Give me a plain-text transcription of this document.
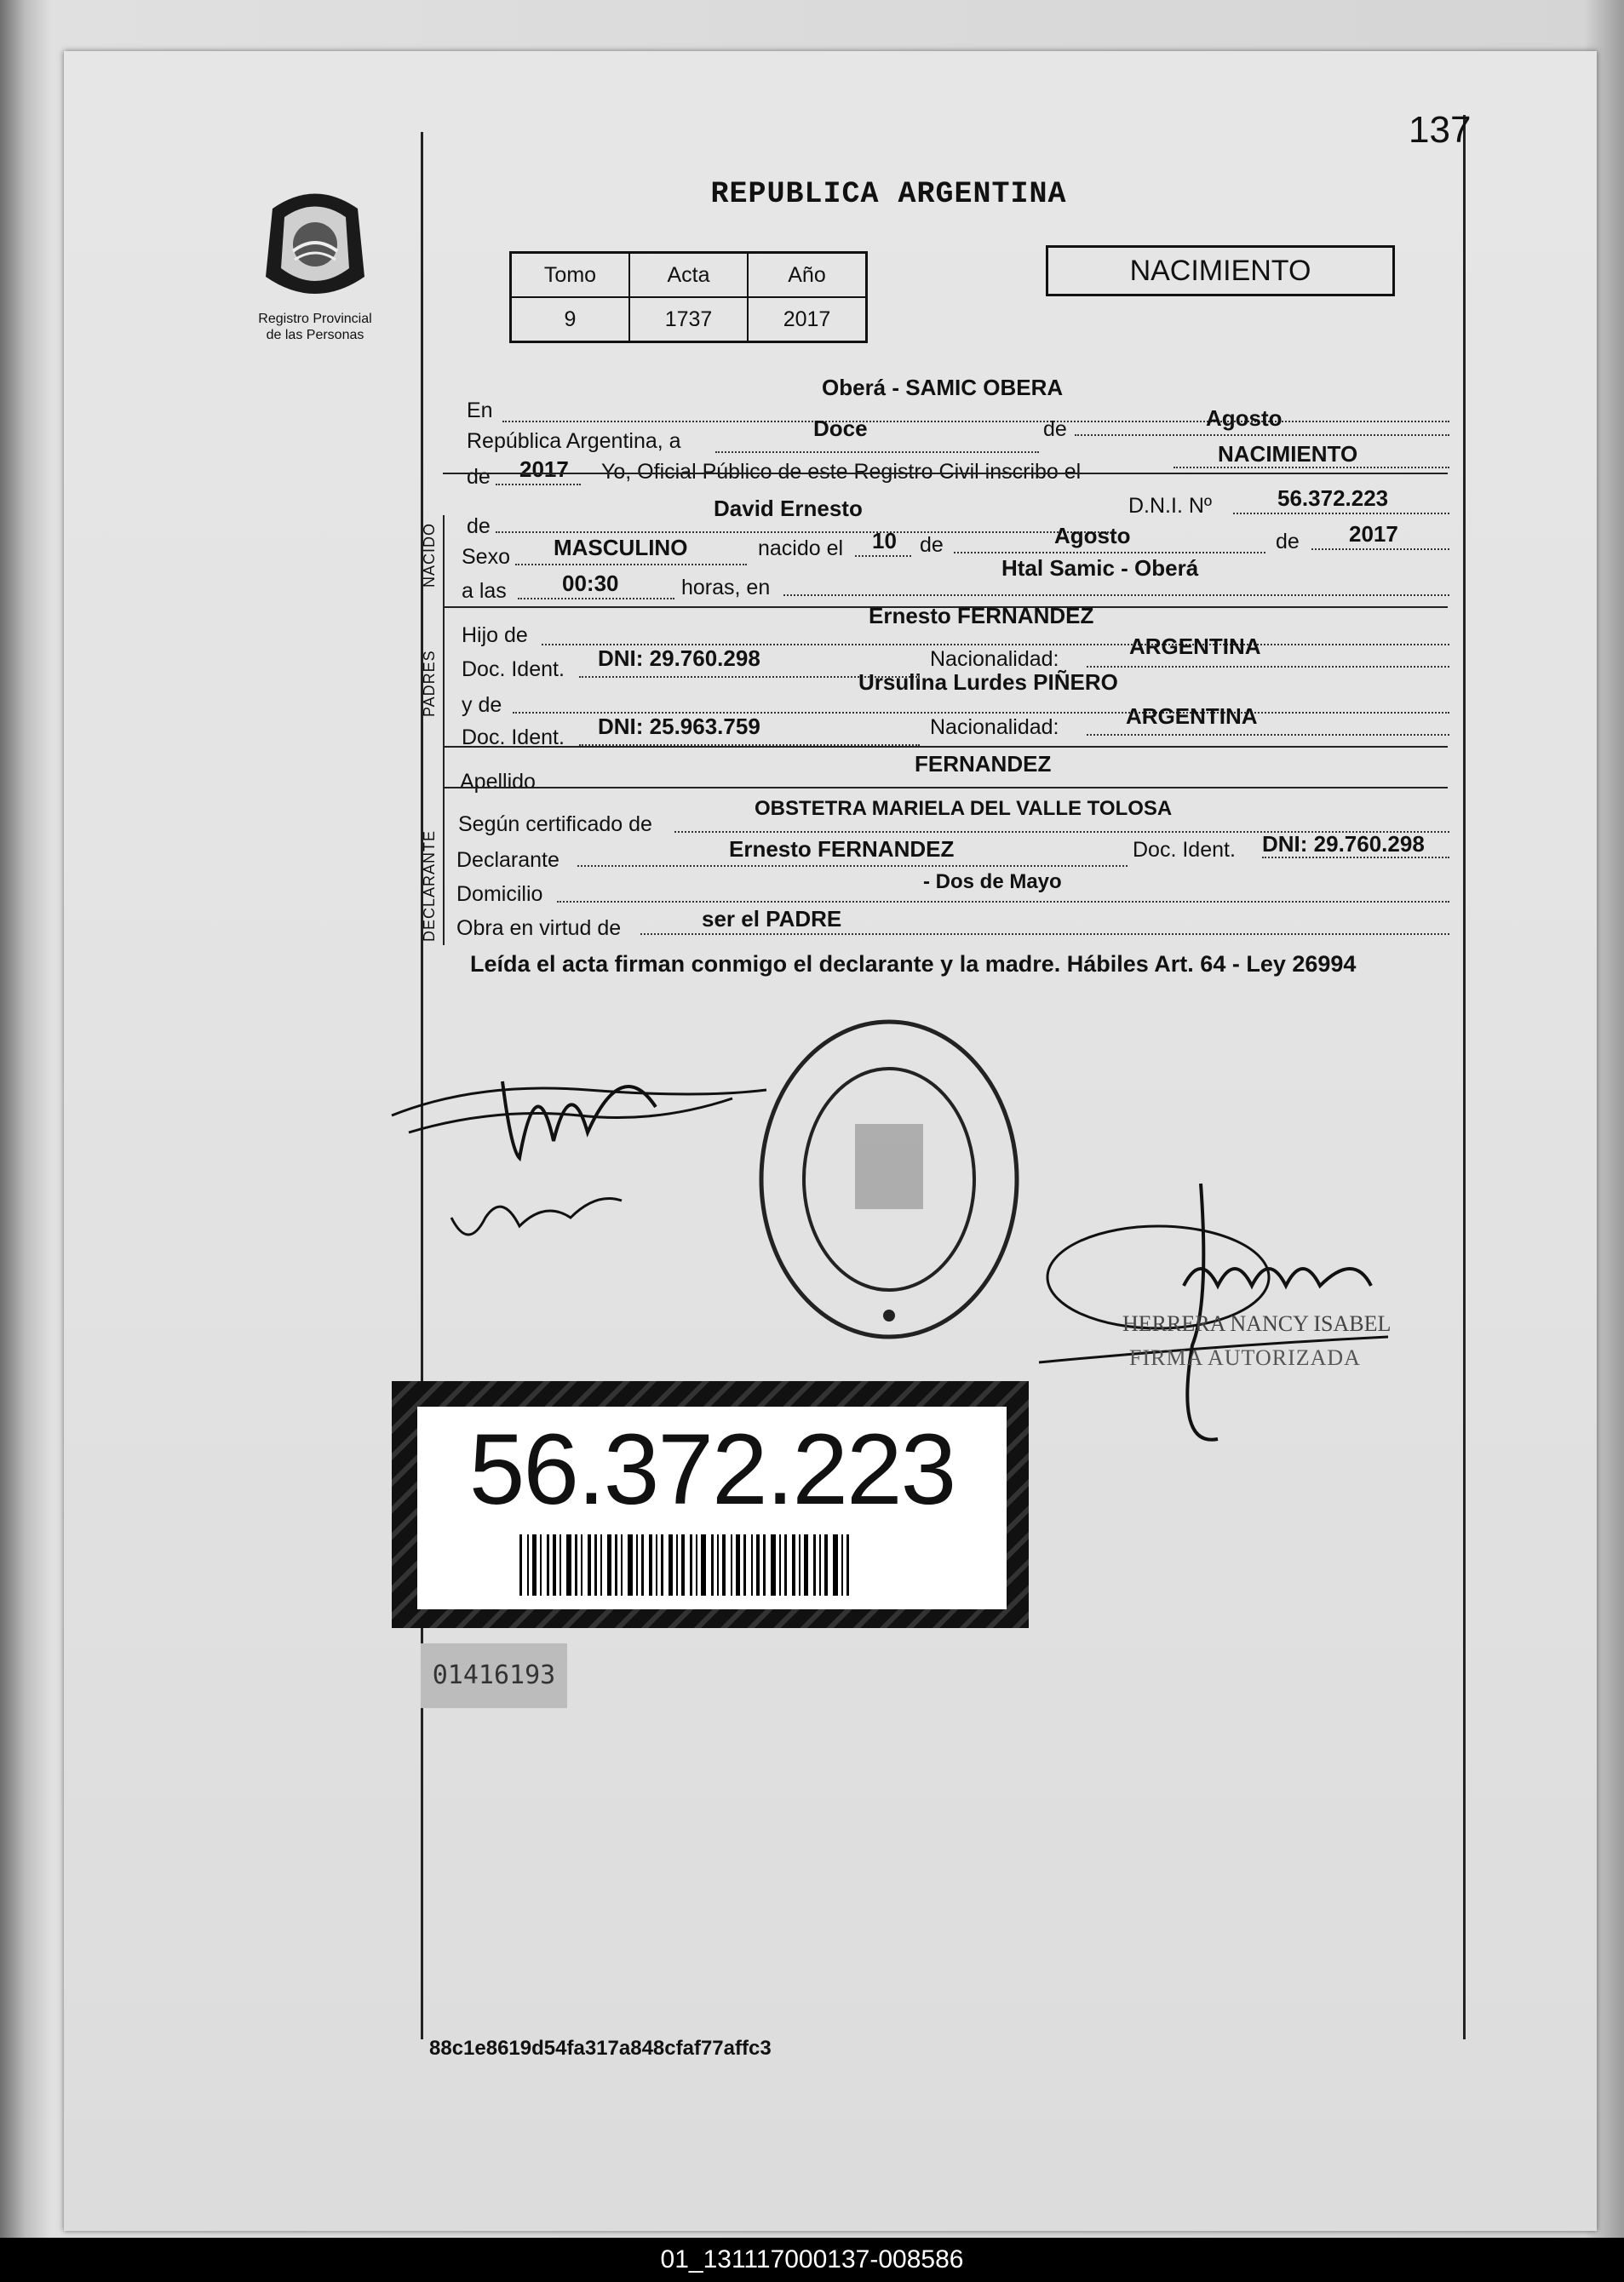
137
REPUBLICA ARGENTINA
Registro Provincial
de las Personas
Tomo	Acta	Año
9	1737	2017
NACIMIENTO
En
Oberá - SAMIC OBERA
República Argentina, a	Doce	de	Agosto
de 2017 Yo, Oficial Público de este Registro Civil inscribo el
NACIMIENTO
NACIDO de
David Ernesto	D.N.I. Nº	56.372.223
Sexo MASCULINO	nacido el 10 de	Agosto	de 2017
a las	00:30	horas, en
Htal Samic - Oberá
PADRES
Hijo de
Ernesto FERNANDEZ
Doc. Ident. DNI: 29.760.298	Nacionalidad:	ARGENTINA
y de
Ursulina Lurdes PIÑERO
Doc. Ident. DNI: 25.963.759	Nacionalidad:	ARGENTINA
Apellido
FERNANDEZ
DECLARANTE
Según certificado de
OBSTETRA MARIELA DEL VALLE TOLOSA
Declarante	Ernesto FERNANDEZ	Doc. Ident. DNI: 29.760.298
Domicilio
- Dos de Mayo
Obra en virtud de	ser el PADRE
Leída el acta firman conmigo el declarante y la madre. Hábiles Art. 64 - Ley 26994
HERRERA NANCY ISABEL
FIRMA AUTORIZADA
56.372.223
01416193
88c1e8619d54fa317a848cfaf77affc3
01_131117000137-008586
